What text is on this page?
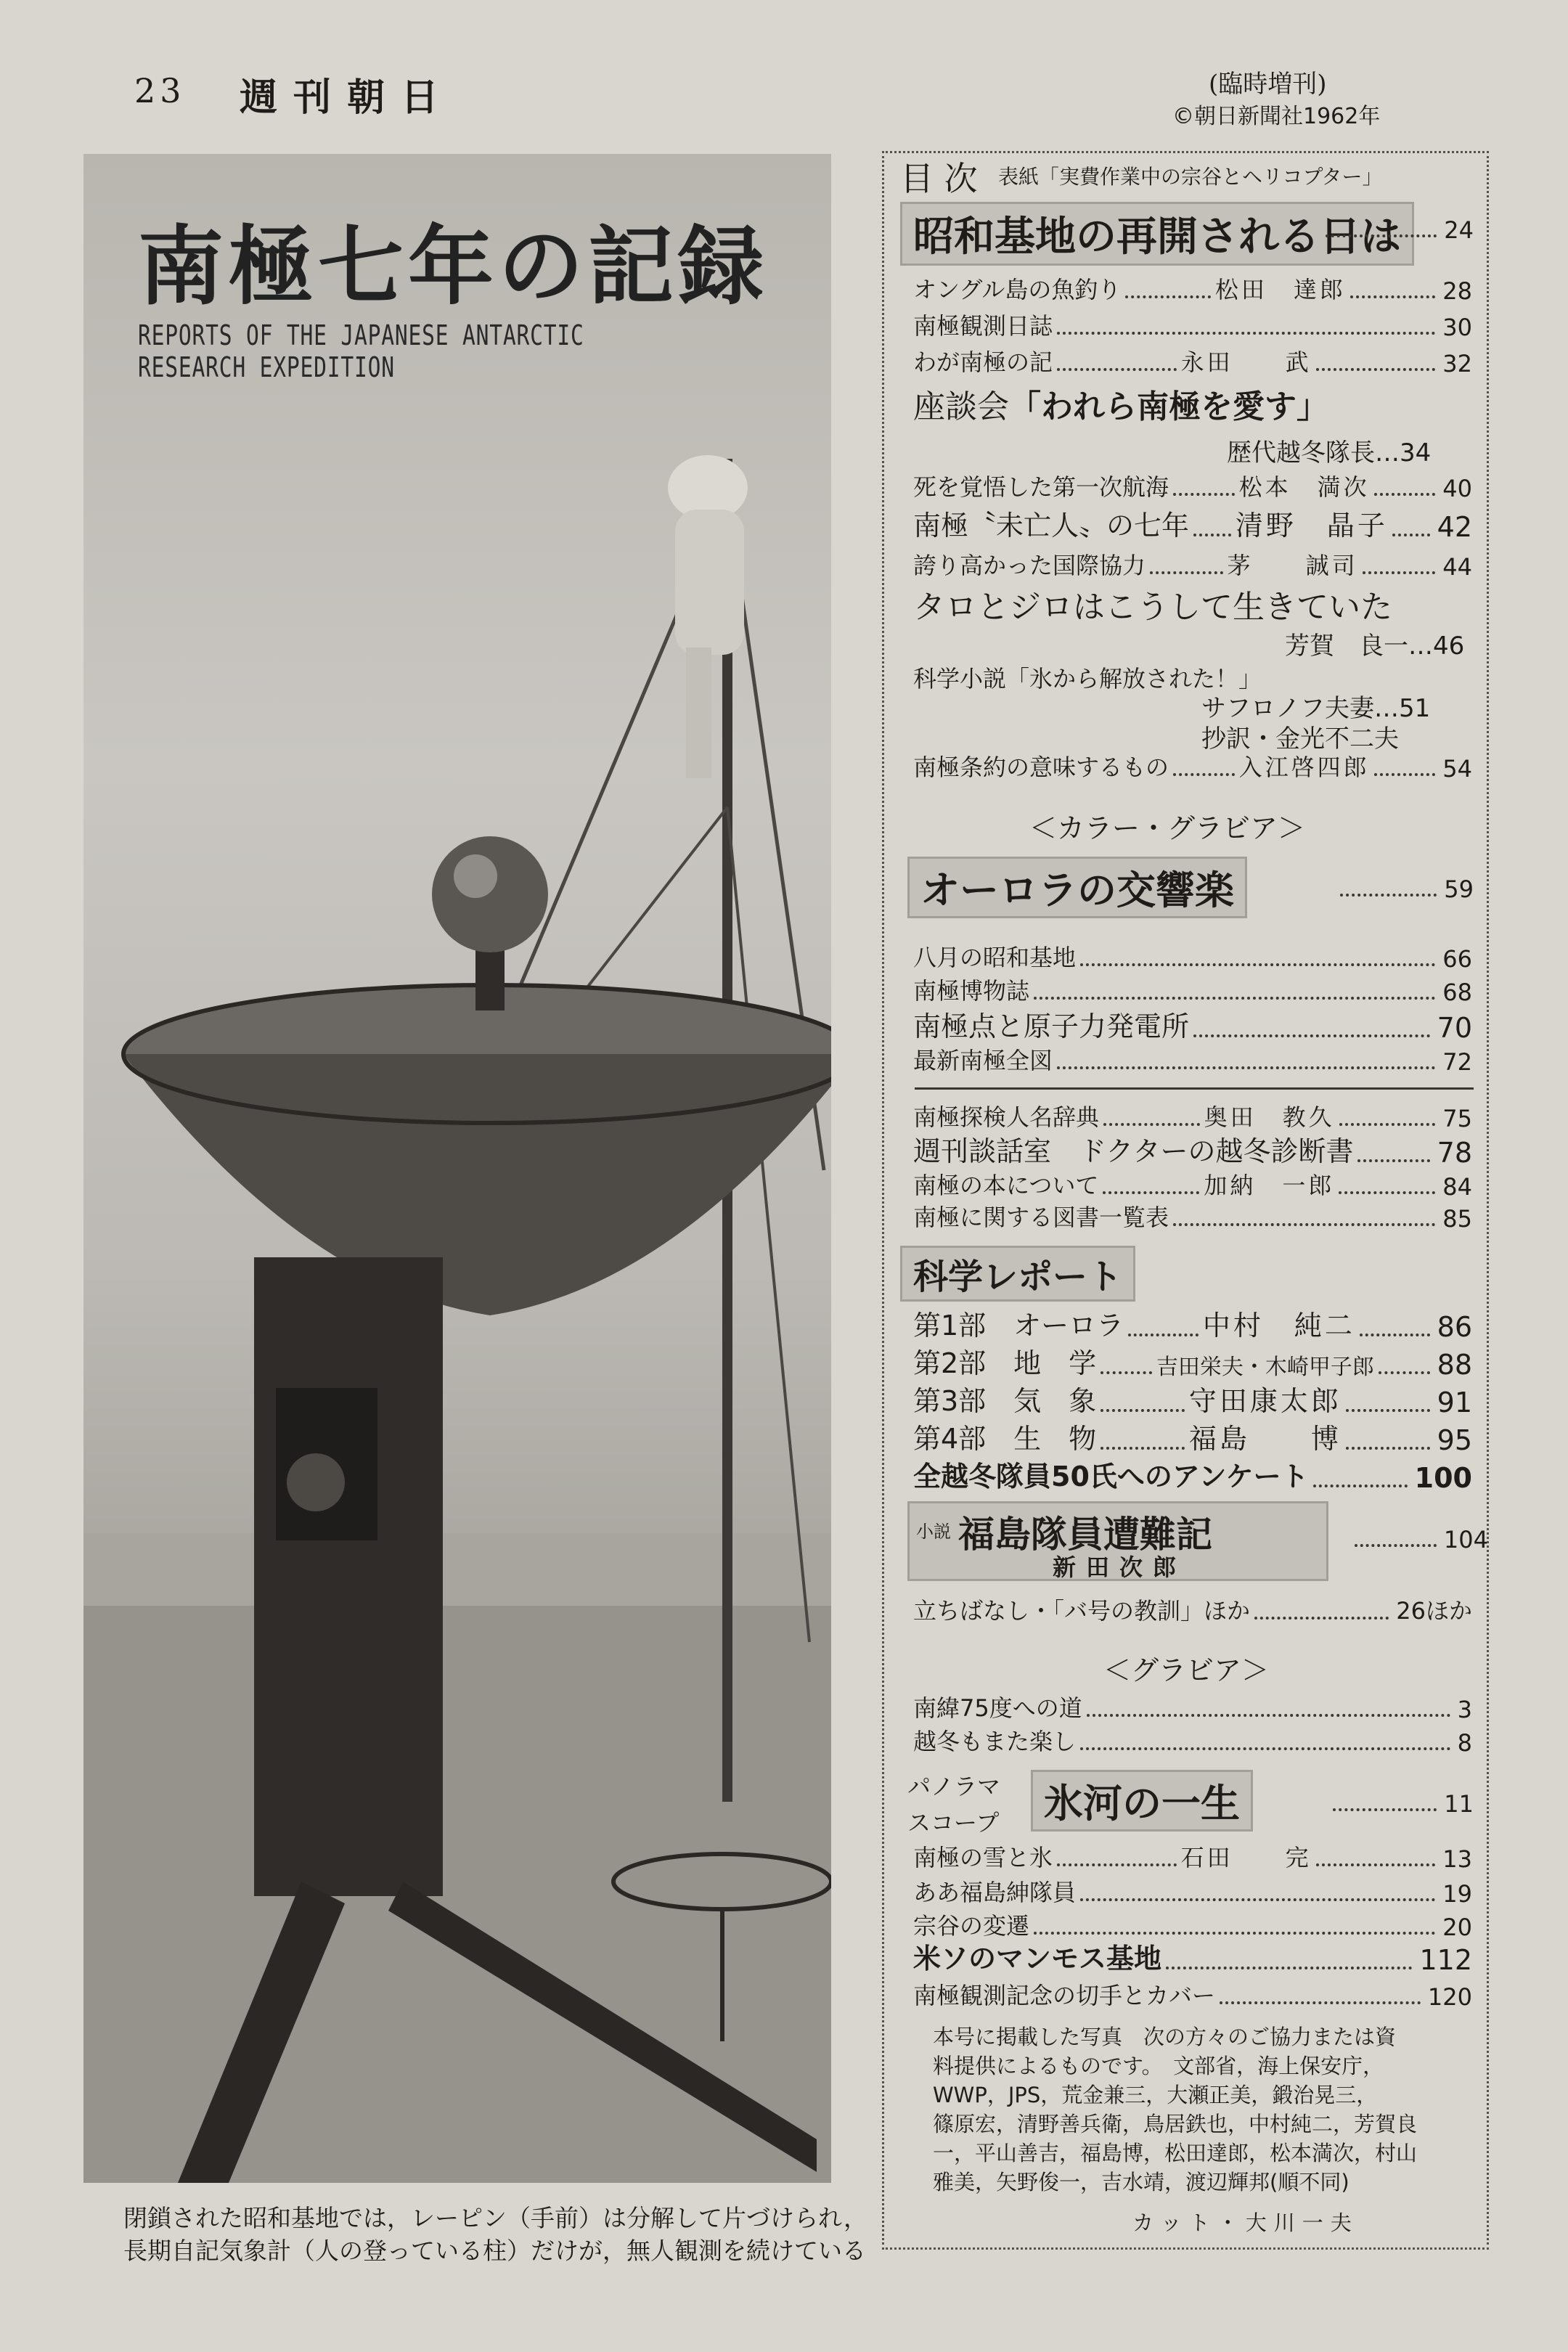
23 週刊朝日	(臨時増刊)
©朝日新聞社1962年
南極七年の記録
REPORTS OF THE JAPANESE ANTARCTIC RESEARCH EXPEDITION
閉鎖された昭和基地では，レーピン（手前）は分解して片づけられ，
長期自記気象計（人の登っている柱）だけが，無人観測を続けている
目 次 表紙「実費作業中の宗谷とヘリコプター」
昭和基地の再開される日は	24
オングル島の魚釣り	松田　達郎	28
南極観測日誌	30
わが南極の記	永田　　武	32
座談会 「われら南極を愛す」
歴代越冬隊長…34
死を覚悟した第一次航海	松本　満次	40
南極〝未亡人〟の七年 清野　晶子 42
誇り高かった国際協力	茅　　誠司	44
タロとジロはこうして生きていた
芳賀　良一…46
科学小説「氷から解放された！」
サフロノフ夫妻…51
抄訳・金光不二夫
南極条約の意味するもの	入江啓四郎	54
＜カラー・グラビア＞
オーロラの交響楽	59
八月の昭和基地	66
南極博物誌	68
南極点と原子力発電所	70
最新南極全図	72
南極探検人名辞典	奥田　教久	75
週刊談話室　ドクターの越冬診断書	78
南極の本について	加納　一郎	84
南極に関する図書一覧表	85
科学レポート
第1部　オーロラ	中村　純二	86
第2部　地　学	吉田栄夫・木崎甲子郎 88
第3部　気　象	守田康太郎	91
第4部　生　物	福島　　博	95
全越冬隊員50氏へのアンケート	100
小説 福島隊員遭難記
新田次郎
104
立ちばなし・「バ号の教訓」ほか	26ほか
＜グラビア＞
南緯75度への道	3
越冬もまた楽し	8
パノラマ
スコープ	氷河の一生	11
南極の雪と氷	石田　　完	13
ああ福島紳隊員	19
宗谷の変遷	20
米ソのマンモス基地	112
南極観測記念の切手とカバー	120
本号に掲載した写真　次の方々のご協力または資
料提供によるものです。　文部省，海上保安庁，
WWP，JPS，荒金兼三，大瀬正美，鍛治晃三，
篠原宏，清野善兵衛，鳥居鉄也，中村純二，芳賀良
一，平山善吉，福島博，松田達郎，松本満次，村山
雅美，矢野俊一，吉水靖，渡辺輝邦(順不同)
カット・大川一夫
